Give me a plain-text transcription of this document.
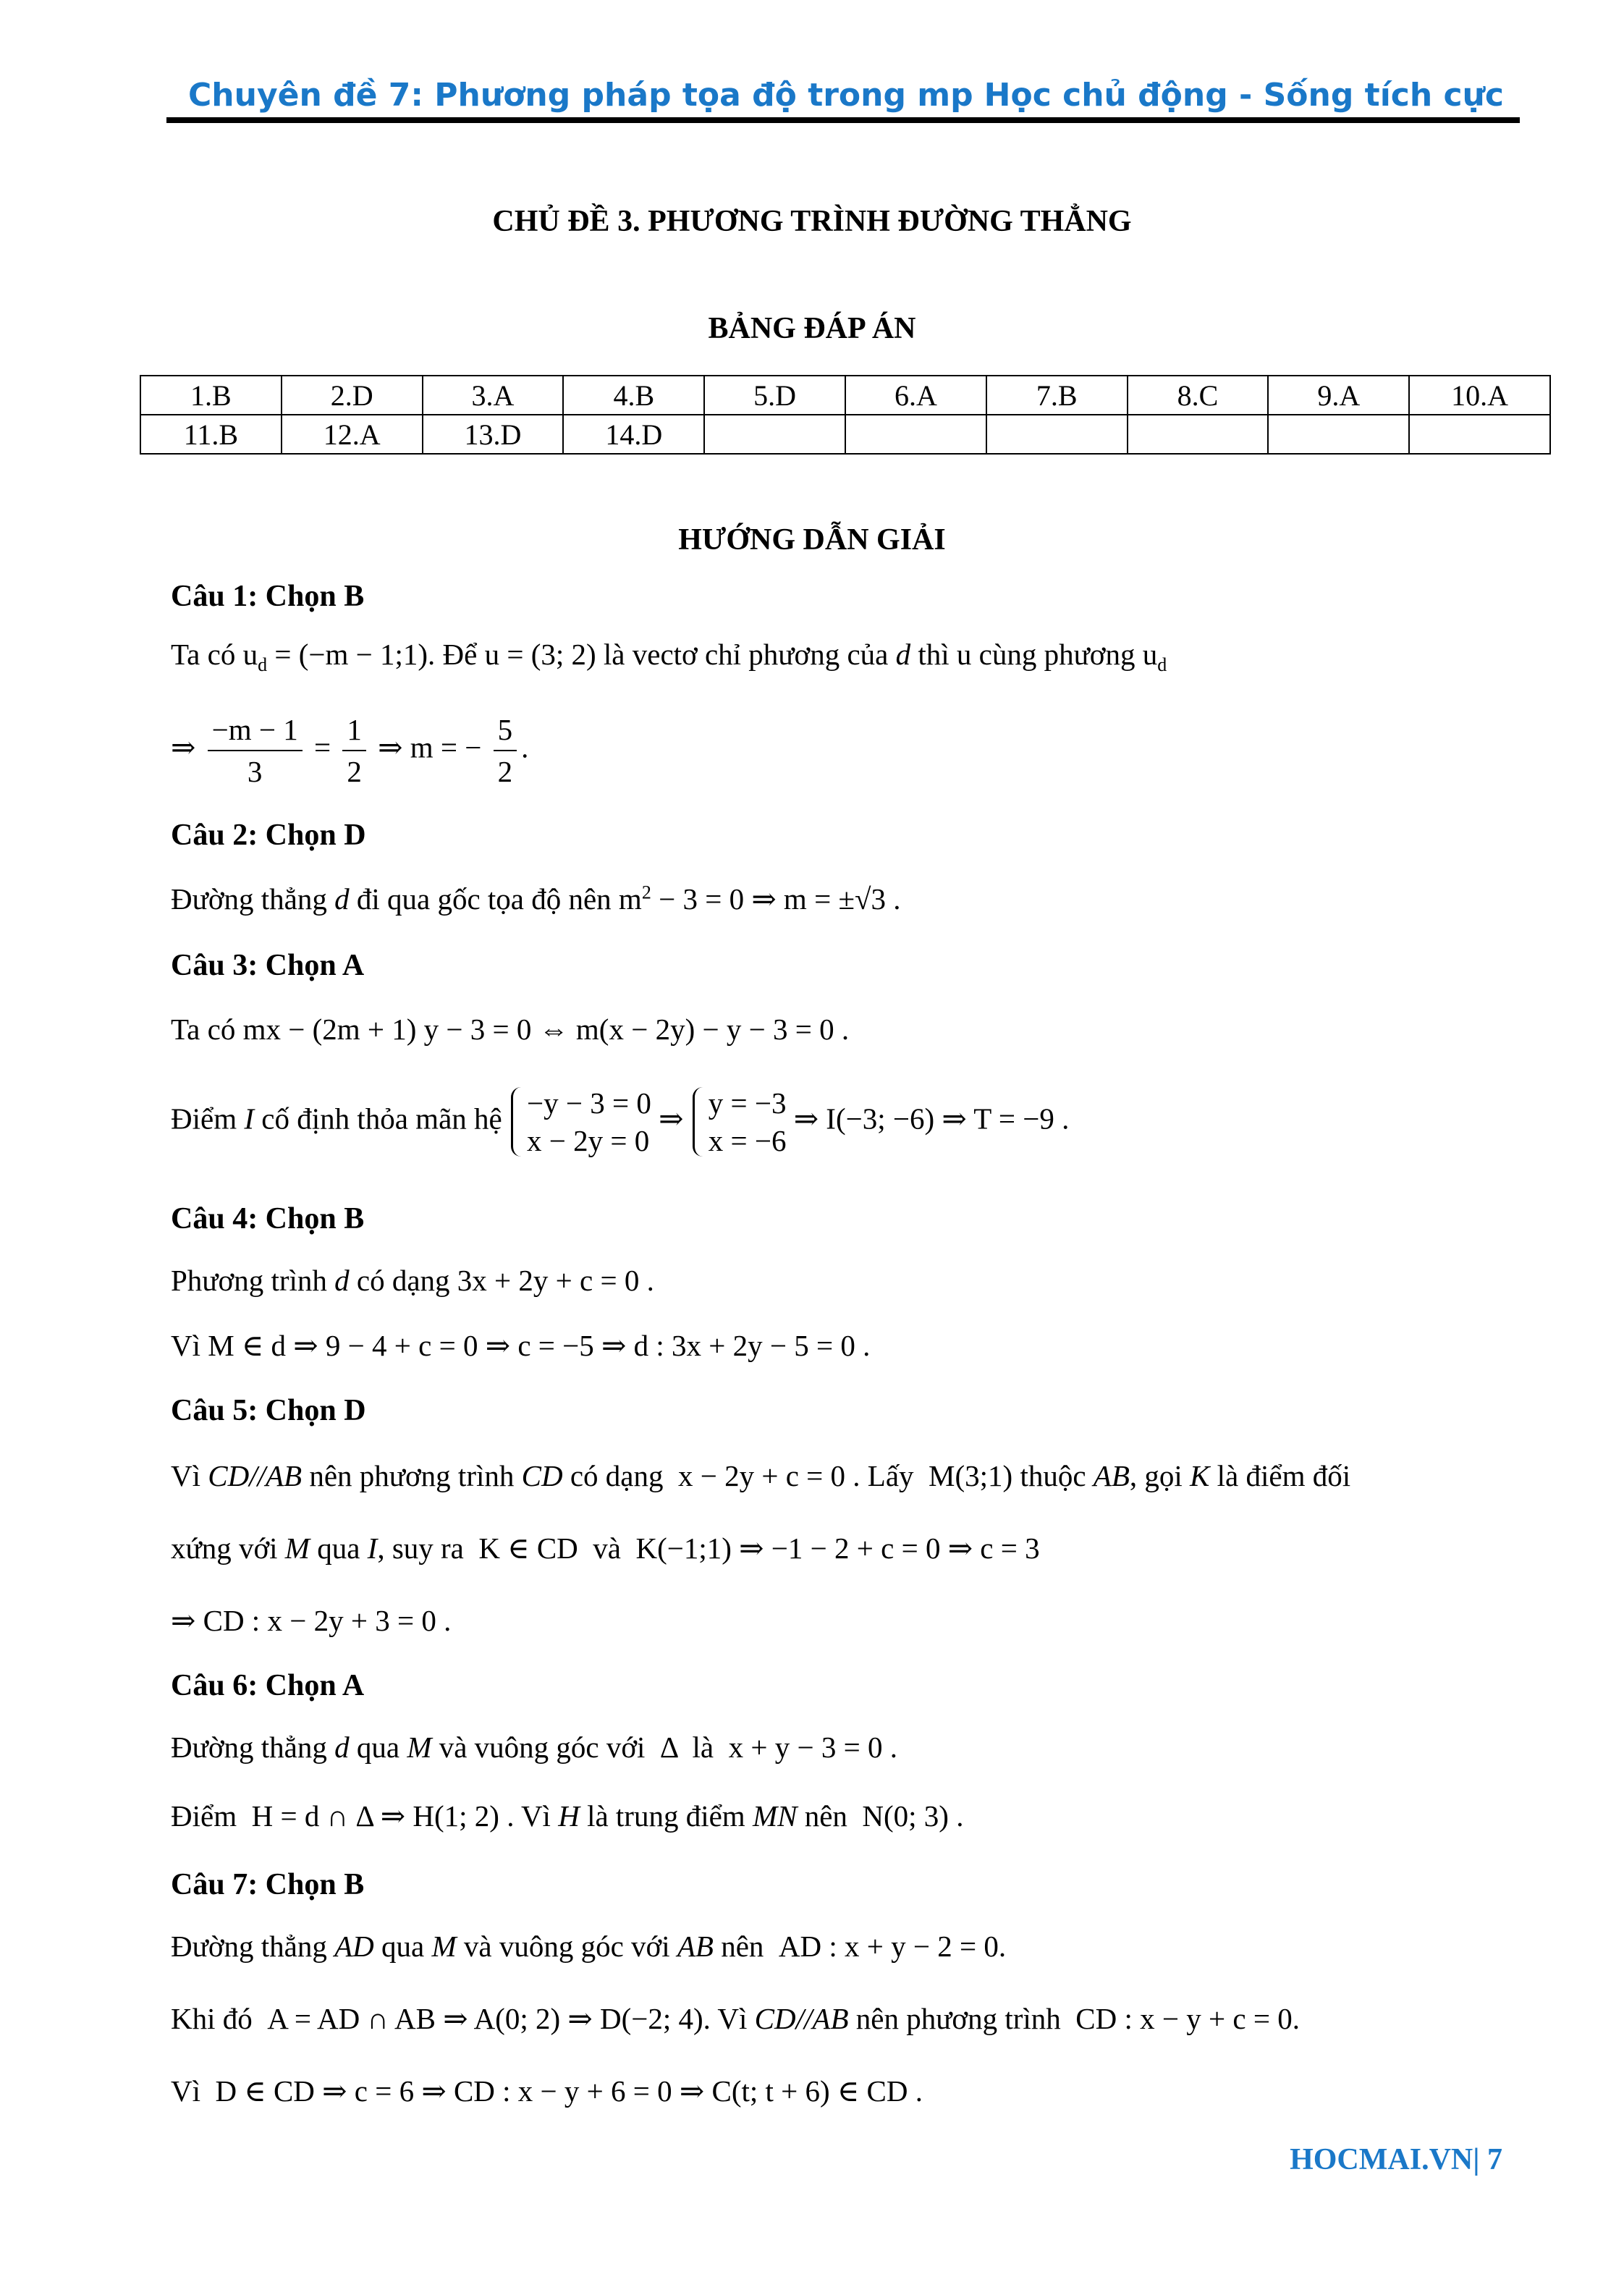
Chuyên đề 7: Phương pháp tọa độ trong mp Học chủ động - Sống tích cực
CHỦ ĐỀ 3. PHƯƠNG TRÌNH ĐƯỜNG THẲNG
BẢNG ĐÁP ÁN
1.B	2.D	3.A	4.B	5.D	6.A	7.B	8.C	9.A	10.A
11.B	12.A	13.D	14.D						
HƯỚNG DẪN GIẢI
Câu 1: Chọn B
Ta có $u_d = (-m$ − 1;1). Để u = (3; 2) là vectơ chỉ phương của d thì u cùng phương $u_d$
⇒ $\frac{-m - 1}{3} = \frac{1}{2}$ ⇒ m = − $\frac{5}{2}$ .
Câu 2: Chọn D
Đường thẳng d đi qua gốc tọa độ nên $m^2 - 3 = 0$ ⇒ m = ±√3 .
Câu 3: Chọn A
Ta có mx − (2m + 1) y − 3 = 0 ⇔ m(x − 2y) − y − 3 = 0 .
Điểm I cố định thỏa mãn hệ −y − 3 = 0
x − 2y = 0 ⇒ y = −3
x = −6 ⇒ I(−3; −6) ⇒ T = −9 .
Câu 4: Chọn B
Phương trình d có dạng 3x + 2y + c = 0 .
Vì M ∈ d ⇒ 9 − 4 + c = 0 ⇒ c = −5 ⇒ d : 3x + 2y − 5 = 0 .
Câu 5: Chọn D
Vì CD//AB nên phương trình CD có dạng  x − 2y + c = 0 . Lấy  M(3;1) thuộc AB, gọi K là điểm đối
xứng với M qua I, suy ra  K ∈ CD  và  K(−1;1) ⇒ −1 − 2 + c = 0 ⇒ c = 3
⇒ CD : x − 2y + 3 = 0 .
Câu 6: Chọn A
Đường thẳng d qua M và vuông góc với  Δ  là  x + y − 3 = 0 .
Điểm  H = d ∩ Δ ⇒ H(1; 2) . Vì H là trung điểm MN nên  N(0; 3) .
Câu 7: Chọn B
Đường thẳng AD qua M và vuông góc với AB nên  AD : x + y − 2 = 0.
Khi đó  A = AD ∩ AB ⇒ A(0; 2) ⇒ D(−2; 4). Vì CD//AB nên phương trình  CD : x − y + c = 0.
Vì  D ∈ CD ⇒ c = 6 ⇒ CD : x − y + 6 = 0 ⇒ C(t; t + 6) ∈ CD .
HOCMAI.VN| 7
